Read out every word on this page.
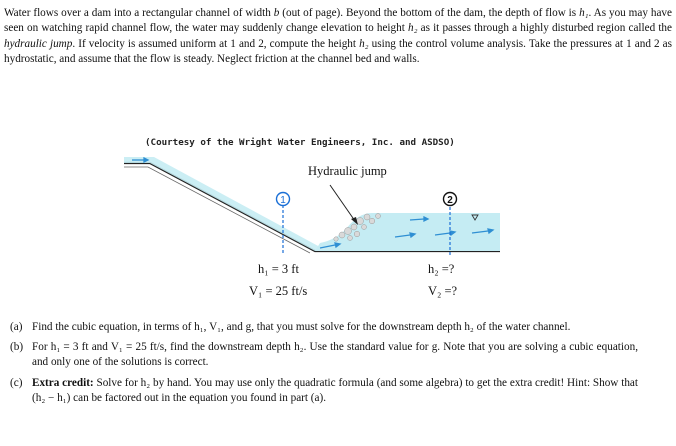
Water flows over a dam into a rectangular channel of width b (out of page). Beyond the bottom of the dam, the depth of flow is h₁. As you may have seen on watching rapid channel flow, the water may suddenly change elevation to height h₂ as it passes through a highly disturbed region called the hydraulic jump. If velocity is assumed uniform at 1 and 2, compute the height h₂ using the control volume analysis. Take the pressures at 1 and 2 as hydrostatic, and assume that the flow is steady. Neglect friction at the channel bed and walls.
(Courtesy of the Wright Water Engineers, Inc. and ASDSO)
1	2
Hydraulic jump
h₁ = 3 ft
V₁ = 25 ft/s
h₂ =?
V₂ =?
(a) Find the cubic equation, in terms of h₁, V₁, and g, that you must solve for the downstream depth h₂ of the water channel.
(b) For h₁ = 3 ft and V₁ = 25 ft/s, find the downstream depth h₂. Use the standard value for g. Note that you are solving a cubic equation, and only one of the solutions is correct.
(c) Extra credit: Solve for h₂ by hand. You may use only the quadratic formula (and some algebra) to get the extra credit! Hint: Show that (h₂ − h₁) can be factored out in the equation you found in part (a).
